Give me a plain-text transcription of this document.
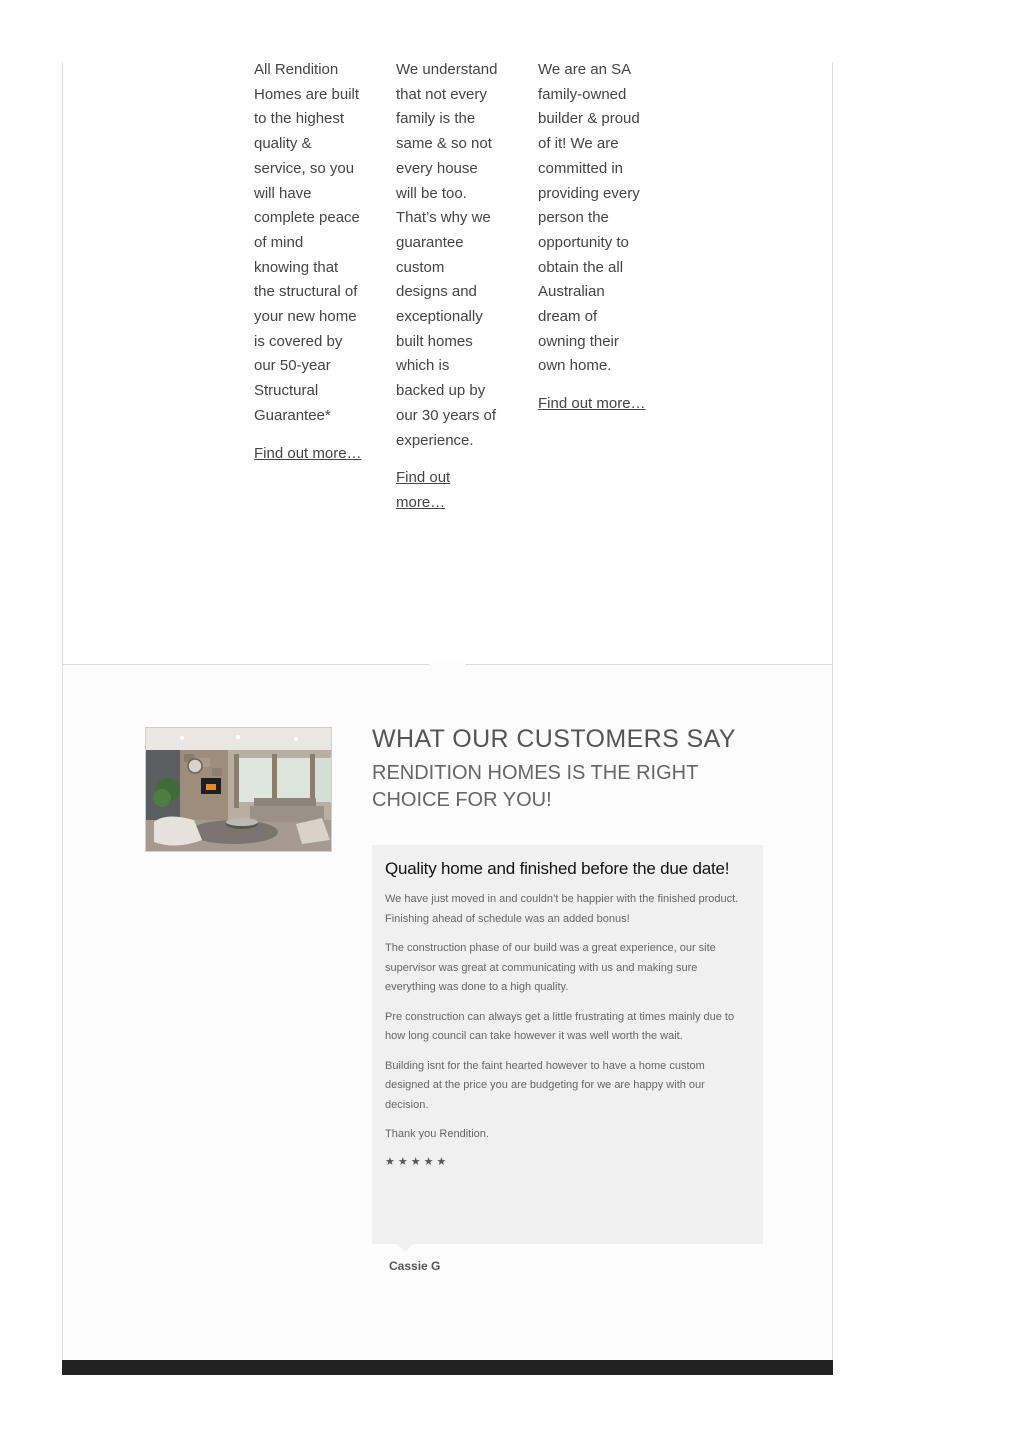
All Rendition Homes are built to the highest quality & service, so you will have complete peace of mind knowing that the structural of your new home is covered by our 50-year Structural Guarantee*

Find out more…

We understand that not every family is the same & so not every house will be too. That’s why we guarantee custom designs and exceptionally built homes which is backed up by our 30 years of experience.

Find out more…

We are an SA family-owned builder & proud of it! We are committed in providing every person the opportunity to obtain the all Australian dream of owning their own home.

Find out more…
WHAT OUR CUSTOMERS SAY
RENDITION HOMES IS THE RIGHT CHOICE FOR YOU!
Quality home and finished before the due date!

We have just moved in and couldn’t be happier with the finished product.
Finishing ahead of schedule was an added bonus!

The construction phase of our build was a great experience, our site supervisor was great at communicating with us and making sure everything was done to a high quality.

Pre construction can always get a little frustrating at times mainly due to how long council can take however it was well worth the wait.

Building isnt for the faint hearted however to have a home custom designed at the price you are budgeting for we are happy with our decision.

Thank you Rendition.

★★★★★
Cassie G
